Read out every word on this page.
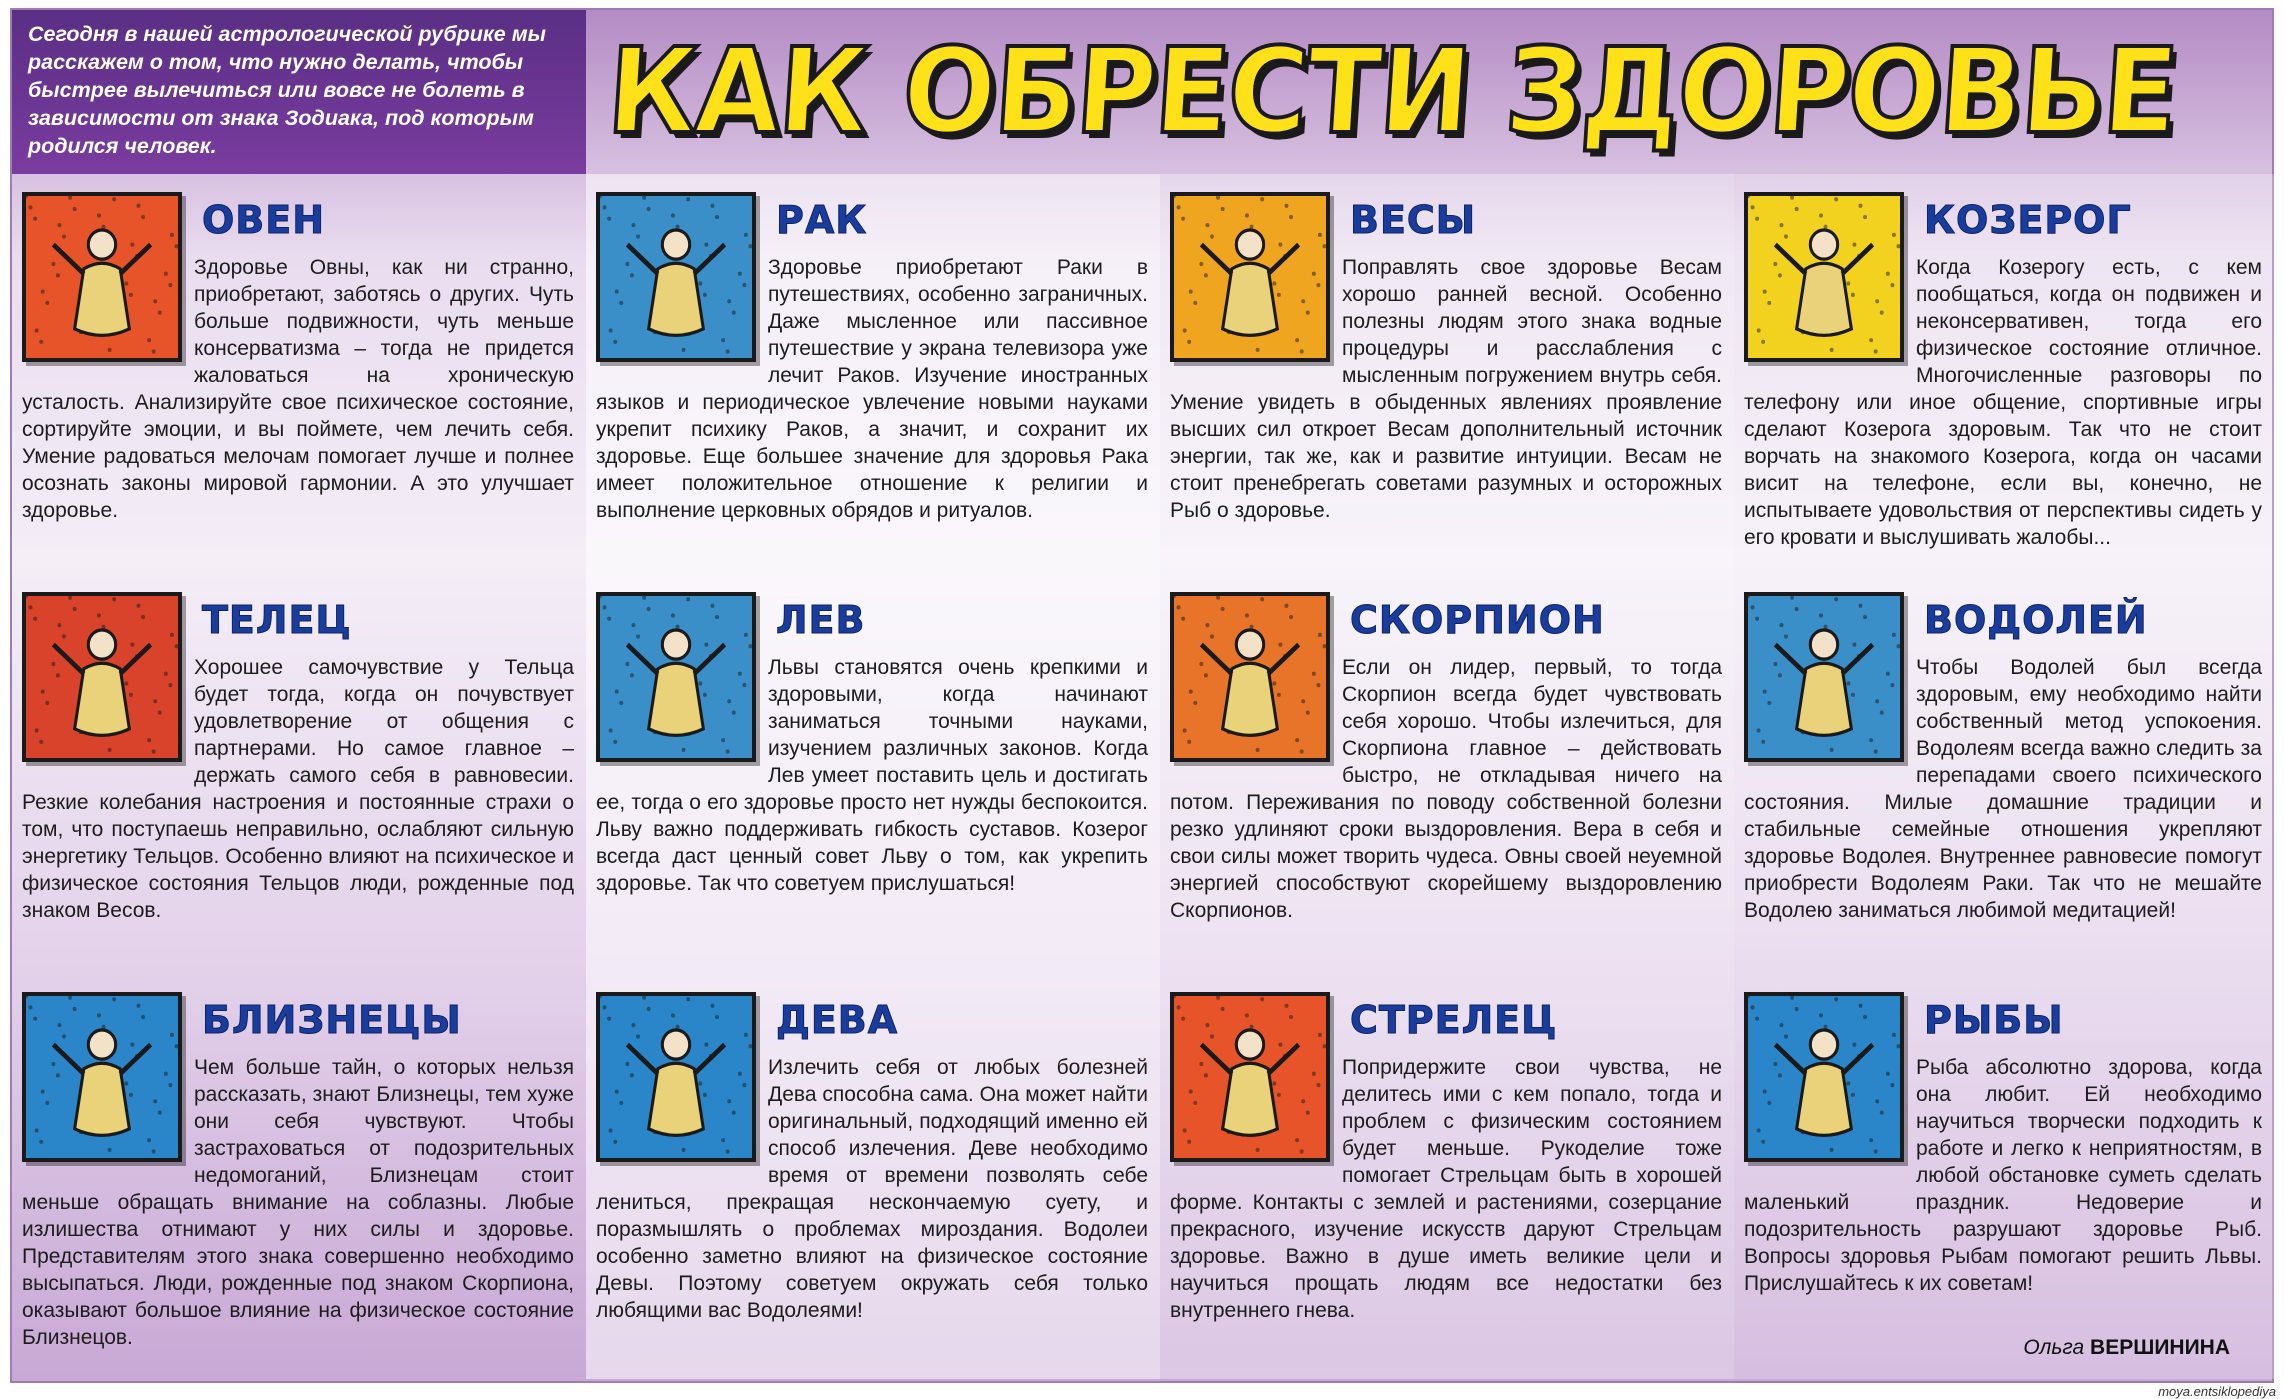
Сегодня в нашей астрологической рубрике мы расскажем о том, что нужно делать, чтобы быстрее вылечиться или вовсе не болеть в зависимости от знака Зодиака, под которым родился человек.	КАК ОБРЕСТИ ЗДОРОВЬЕ
ОВЕН
Здоровье Овны, как ни странно, приобретают, заботясь о других. Чуть больше подвижности, чуть меньше консерватизма – тогда не придется жаловаться на хроническую усталость. Анализируйте свое психическое состояние, сортируйте эмоции, и вы поймете, чем лечить себя. Умение радоваться мелочам помогает лучше и полнее осознать законы мировой гармонии. А это улучшает здоровье.
ТЕЛЕЦ
Хорошее самочувствие у Тельца будет тогда, когда он почувствует удовлетворение от общения с партнерами. Но самое главное – держать самого себя в равновесии. Резкие колебания настроения и постоянные страхи о том, что поступаешь неправильно, ослабляют сильную энергетику Тельцов. Особенно влияют на психическое и физическое состояния Тельцов люди, рожденные под знаком Весов.
БЛИЗНЕЦЫ
Чем больше тайн, о которых нельзя рассказать, знают Близнецы, тем хуже они себя чувствуют. Чтобы застраховаться от подозрительных недомоганий, Близнецам стоит меньше обращать внимание на соблазны. Любые излишества отнимают у них силы и здоровье. Представителям этого знака совершенно необходимо высыпаться. Люди, рожденные под знаком Скорпиона, оказывают большое влияние на физическое состояние Близнецов.
РАК
Здоровье приобретают Раки в путешествиях, особенно заграничных. Даже мысленное или пассивное путешествие у экрана телевизора уже лечит Раков. Изучение иностранных языков и периодическое увлечение новыми науками укрепит психику Раков, а значит, и сохранит их здоровье. Еще большее значение для здоровья Рака имеет положительное отношение к религии и выполнение церковных обрядов и ритуалов.
ЛЕВ
Львы становятся очень крепкими и здоровыми, когда начинают заниматься точными науками, изучением различных законов. Когда Лев умеет поставить цель и достигать ее, тогда о его здоровье просто нет нужды беспокоится. Льву важно поддерживать гибкость суставов. Козерог всегда даст ценный совет Льву о том, как укрепить здоровье. Так что советуем прислушаться!
ДЕВА
Излечить себя от любых болезней Дева способна сама. Она может найти оригинальный, подходящий именно ей способ излечения. Деве необходимо время от времени позволять себе лениться, прекращая нескончаемую суету, и поразмышлять о проблемах мироздания. Водолеи особенно заметно влияют на физическое состояние Девы. Поэтому советуем окружать себя только любящими вас Водолеями!
ВЕСЫ
Поправлять свое здоровье Весам хорошо ранней весной. Особенно полезны людям этого знака водные процедуры и расслабления с мысленным погружением внутрь себя. Умение увидеть в обыденных явлениях проявление высших сил откроет Весам дополнительный источник энергии, так же, как и развитие интуиции. Весам не стоит пренебрегать советами разумных и осторожных Рыб о здоровье.
СКОРПИОН
Если он лидер, первый, то тогда Скорпион всегда будет чувствовать себя хорошо. Чтобы излечиться, для Скорпиона главное – действовать быстро, не откладывая ничего на потом. Переживания по поводу собственной болезни резко удлиняют сроки выздоровления. Вера в себя и свои силы может творить чудеса. Овны своей неуемной энергией способствуют скорейшему выздоровлению Скорпионов.
СТРЕЛЕЦ
Попридержите свои чувства, не делитесь ими с кем попало, тогда и проблем с физическим состоянием будет меньше. Рукоделие тоже помогает Стрельцам быть в хорошей форме. Контакты с землей и растениями, созерцание прекрасного, изучение искусств даруют Стрельцам здоровье. Важно в душе иметь великие цели и научиться прощать людям все недостатки без внутреннего гнева.
КОЗЕРОГ
Когда Козерогу есть, с кем пообщаться, когда он подвижен и неконсервативен, тогда его физическое состояние отличное. Многочисленные разговоры по телефону или иное общение, спортивные игры сделают Козерога здоровым. Так что не стоит ворчать на знакомого Козерога, когда он часами висит на телефоне, если вы, конечно, не испытываете удовольствия от перспективы сидеть у его кровати и выслушивать жалобы...
ВОДОЛЕЙ
Чтобы Водолей был всегда здоровым, ему необходимо найти собственный метод успокоения. Водолеям всегда важно следить за перепадами своего психического состояния. Милые домашние традиции и стабильные семейные отношения укрепляют здоровье Водолея. Внутреннее равновесие помогут приобрести Водолеям Раки. Так что не мешайте Водолею заниматься любимой медитацией!
РЫБЫ
Рыба абсолютно здорова, когда она любит. Ей необходимо научиться творчески подходить к работе и легко к неприятностям, в любой обстановке суметь сделать маленький праздник. Недоверие и подозрительность разрушают здоровье Рыб. Вопросы здоровья Рыбам помогают решить Львы. Прислушайтесь к их советам!
Ольга ВЕРШИНИНА
moya.entsiklopediya
